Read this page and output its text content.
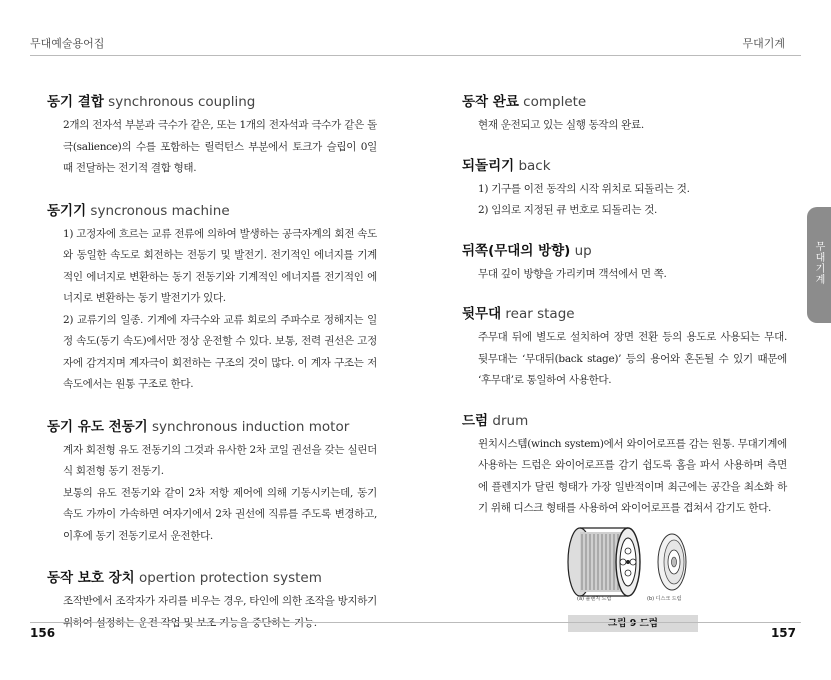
무대예술용어집	무대기계
동기 결합 synchronous coupling

2개의 전자석 부분과 극수가 같은, 또는 1개의 전자석과 극수가 같은 돌극(salience)의 수를 포함하는 릴럭턴스 부분에서 토크가 슬립이 0일 때 전달하는 전기적 결합 형태.

동기기 syncronous machine

1) 고정자에 흐르는 교류 전류에 의하여 발생하는 공극자계의 회전 속도와 동일한 속도로 회전하는 전동기 및 발전기. 전기적인 에너지를 기계적인 에너지로 변환하는 동기 전동기와 기계적인 에너지를 전기적인 에너지로 변환하는 동기 발전기가 있다.

2) 교류기의 일종. 기계에 자극수와 교류 회로의 주파수로 정해지는 일정 속도(동기 속도)에서만 정상 운전할 수 있다. 보통, 전력 권선은 고정자에 감겨지며 계자극이 회전하는 구조의 것이 많다. 이 계자 구조는 저속도에서는 원통 구조로 한다.

동기 유도 전동기 synchronous induction motor

계자 회전형 유도 전동기의 그것과 유사한 2차 코일 권선을 갖는 실린더식 회전형 동기 전동기.

보통의 유도 전동기와 같이 2차 저항 제어에 의해 기동시키는데, 동기 속도 가까이 가속하면 여자기에서 2차 권선에 직류를 주도록 변경하고, 이후에 동기 전동기로서 운전한다.

동작 보호 장치 opertion protection system

조작반에서 조작자가 자리를 비우는 경우, 타인에 의한 조작을 방지하기 위하여 설정하는 운전 작업 및 보조 기능을 중단하는 기능.

동작 완료 complete

현재 운전되고 있는 실행 동작의 완료.

되돌리기 back

1) 기구를 이전 동작의 시작 위치로 되돌리는 것.

2) 임의로 지정된 큐 번호로 되돌리는 것.

뒤쪽(무대의 방향) up

무대 깊이 방향을 가리키며 객석에서 먼 쪽.

뒷무대 rear stage

주무대 뒤에 별도로 설치하여 장면 전환 등의 용도로 사용되는 무대. 뒷무대는 ‘무대뒤(back stage)’ 등의 용어와 혼돈될 수 있기 때문에 ‘후무대’로 통일하여 사용한다.

드럼 drum

윈치시스템(winch system)에서 와이어로프를 감는 원통. 무대기계에 사용하는 드럼은 와이어로프를 감기 쉽도록 홈을 파서 사용하며 측면에 플렌지가 달린 형태가 가장 일반적이며 최근에는 공간을 최소화 하기 위해 디스크 형태를 사용하여 와이어로프를 겹쳐서 감기도 한다.

(a) 플랜지 드럼	(b) 디스크 드럼
그림 9 드럼
무대기계
156	157
